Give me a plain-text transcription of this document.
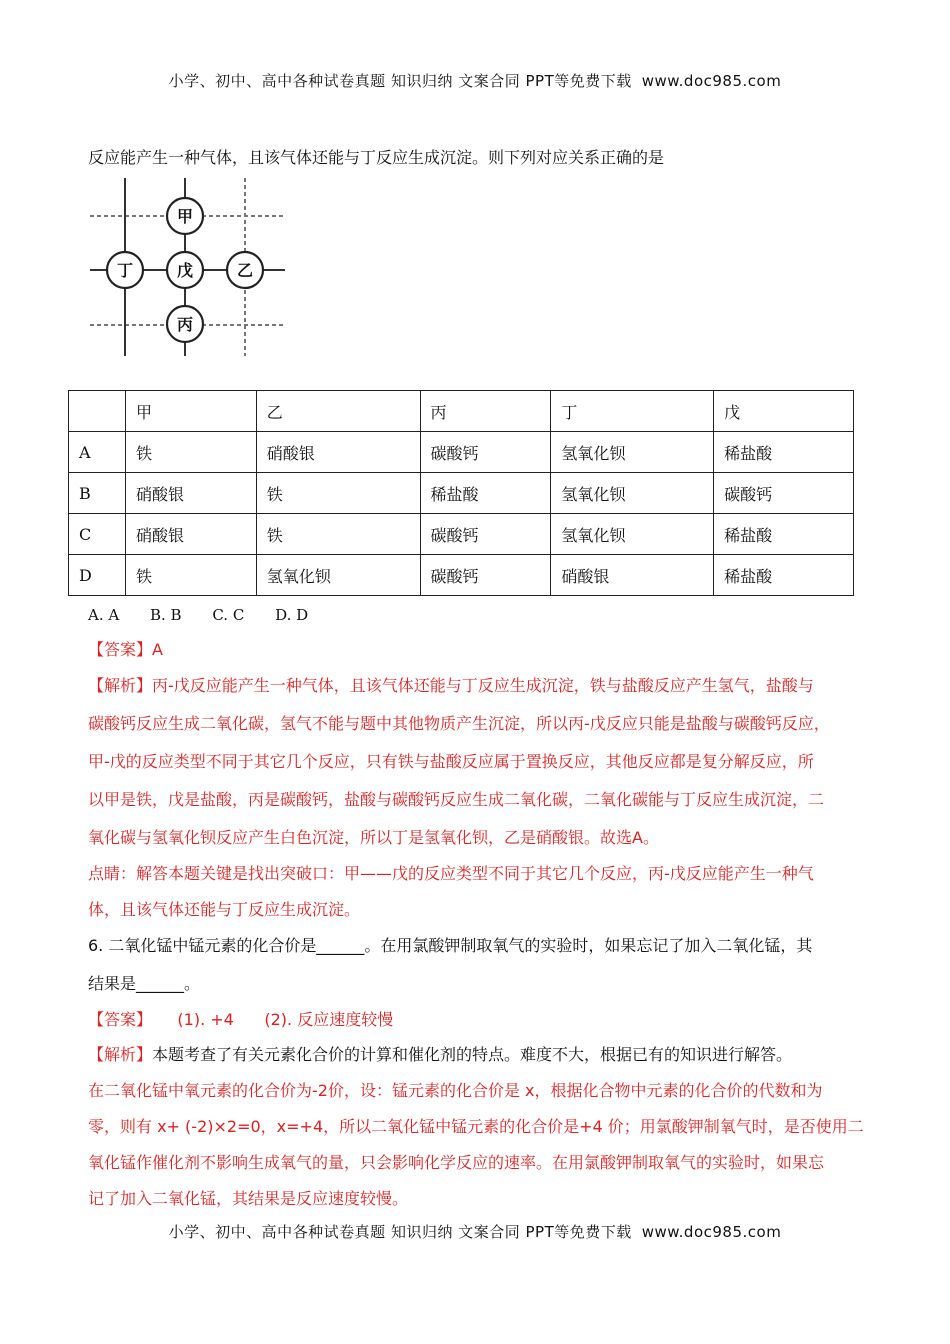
小学、初中、高中各种试卷真题 知识归纳 文案合同 PPT等免费下载 www.doc985.com
反应能产生一种气体，且该气体还能与丁反应生成沉淀。则下列对应关系正确的是
甲
戊
丁	乙
丙
	甲	乙	丙	丁	戊
A	铁	硝酸银	碳酸钙	氢氧化钡	稀盐酸
B	硝酸银	铁	稀盐酸	氢氧化钡	碳酸钙
C	硝酸银	铁	碳酸钙	氢氧化钡	稀盐酸
D	铁	氢氧化钡	碳酸钙	硝酸银	稀盐酸
A. A B. B C. C D. D
【答案】A
【解析】丙-戊反应能产生一种气体，且该气体还能与丁反应生成沉淀，铁与盐酸反应产生氢气，盐酸与
碳酸钙反应生成二氧化碳，氢气不能与题中其他物质产生沉淀，所以丙-戊反应只能是盐酸与碳酸钙反应，
甲-戊的反应类型不同于其它几个反应，只有铁与盐酸反应属于置换反应，其他反应都是复分解反应，所
以甲是铁，戊是盐酸，丙是碳酸钙，盐酸与碳酸钙反应生成二氧化碳，二氧化碳能与丁反应生成沉淀，二
氧化碳与氢氧化钡反应产生白色沉淀，所以丁是氢氧化钡，乙是硝酸银。故选A。
点睛：解答本题关键是找出突破口：甲——戊的反应类型不同于其它几个反应，丙-戊反应能产生一种气
体，且该气体还能与丁反应生成沉淀。
6. 二氧化锰中锰元素的化合价是______。在用氯酸钾制取氧气的实验时，如果忘记了加入二氧化锰，其
结果是______。
【答案】     (1). +4      (2). 反应速度较慢
【解析】本题考查了有关元素化合价的计算和催化剂的特点。难度不大，根据已有的知识进行解答。
在二氧化锰中氧元素的化合价为-2价，设：锰元素的化合价是 x，根据化合物中元素的化合价的代数和为
零，则有 x+ (-2)×2=0，x=+4，所以二氧化锰中锰元素的化合价是+4 价；用氯酸钾制氧气时，是否使用二
氧化锰作催化剂不影响生成氧气的量，只会影响化学反应的速率。在用氯酸钾制取氧气的实验时，如果忘
记了加入二氧化锰，其结果是反应速度较慢。
小学、初中、高中各种试卷真题 知识归纳 文案合同 PPT等免费下载 www.doc985.com
